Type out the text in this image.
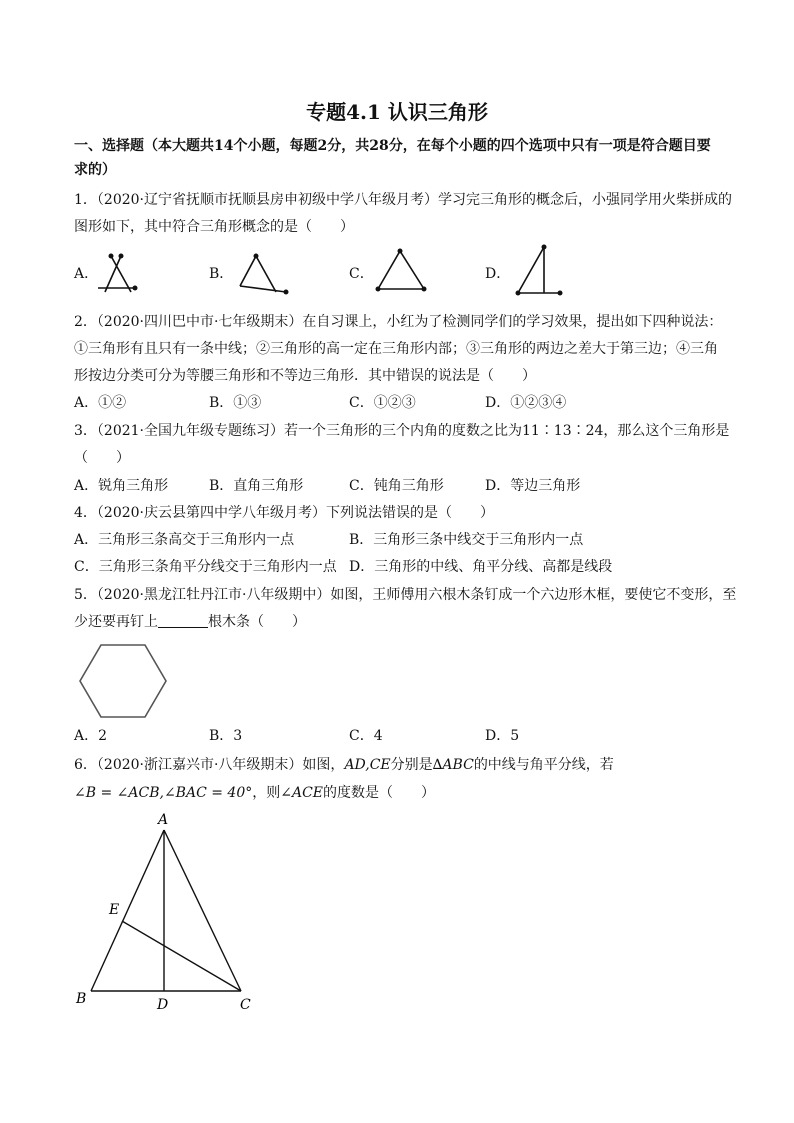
专题4.1 认识三角形
一、选择题（本大题共14个小题，每题2分，共28分，在每个小题的四个选项中只有一项是符合题目要
求的）
1．（2020·辽宁省抚顺市抚顺县房申初级中学八年级月考）学习完三角形的概念后，小强同学用火柴拼成的
图形如下，其中符合三角形概念的是（　　）
A．	B．	C．	D．
2．（2020·四川巴中市·七年级期末）在自习课上，小红为了检测同学们的学习效果，提出如下四种说法：
①三角形有且只有一条中线；②三角形的高一定在三角形内部；③三角形的两边之差大于第三边；④三角
形按边分类可分为等腰三角形和不等边三角形．其中错误的说法是（　　）
A．①②	B．①③	C．①②③	D．①②③④
3．（2021·全国九年级专题练习）若一个三角形的三个内角的度数之比为11∶13∶24，那么这个三角形是
（　　）
A．锐角三角形	B．直角三角形	C．钝角三角形	D．等边三角形
4．（2020·庆云县第四中学八年级月考）下列说法错误的是（　　）
A．三角形三条高交于三角形内一点	B．三角形三条中线交于三角形内一点
C．三角形三条角平分线交于三角形内一点 D．三角形的中线、角平分线、高都是线段
5．（2020·黑龙江牡丹江市·八年级期中）如图，王师傅用六根木条钉成一个六边形木框，要使它不变形，至
少还要再钉上	根木条（　　）
A．2	B．3	C．4	D．5
6．（2020·浙江嘉兴市·八年级期末）如图，AD,CE分别是∆ABC的中线与角平分线，若
∠B = ∠ACB,∠BAC = 40°，则∠ACE的度数是（　　）
A
B	C
D
E
